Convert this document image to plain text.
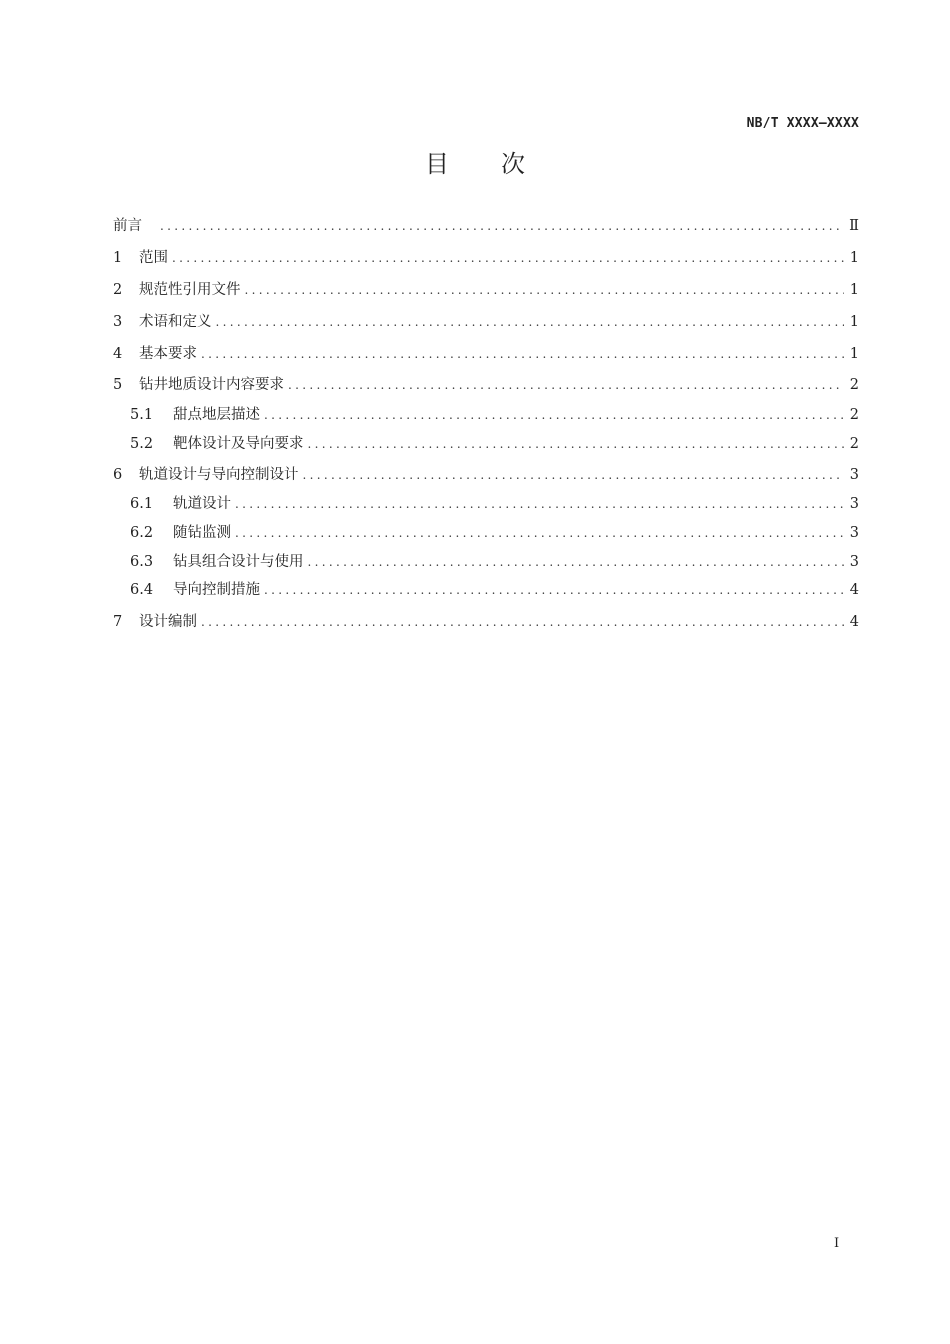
NB/T XXXX—XXXX
目 次
前言 .....	Ⅱ
1	范围 .....	1
2	规范性引用文件 .....	1
3	术语和定义 .....	1
4	基本要求 .....	1
5	钻井地质设计内容要求 .....	2
5.1	甜点地层描述 .....	2
5.2	靶体设计及导向要求 .....	2
6	轨道设计与导向控制设计 .....	3
6.1	轨道设计 .....	3
6.2	随钻监测 .....	3
6.3	钻具组合设计与使用 .....	3
6.4	导向控制措施 .....	4
7	设计编制 .....	4
I
